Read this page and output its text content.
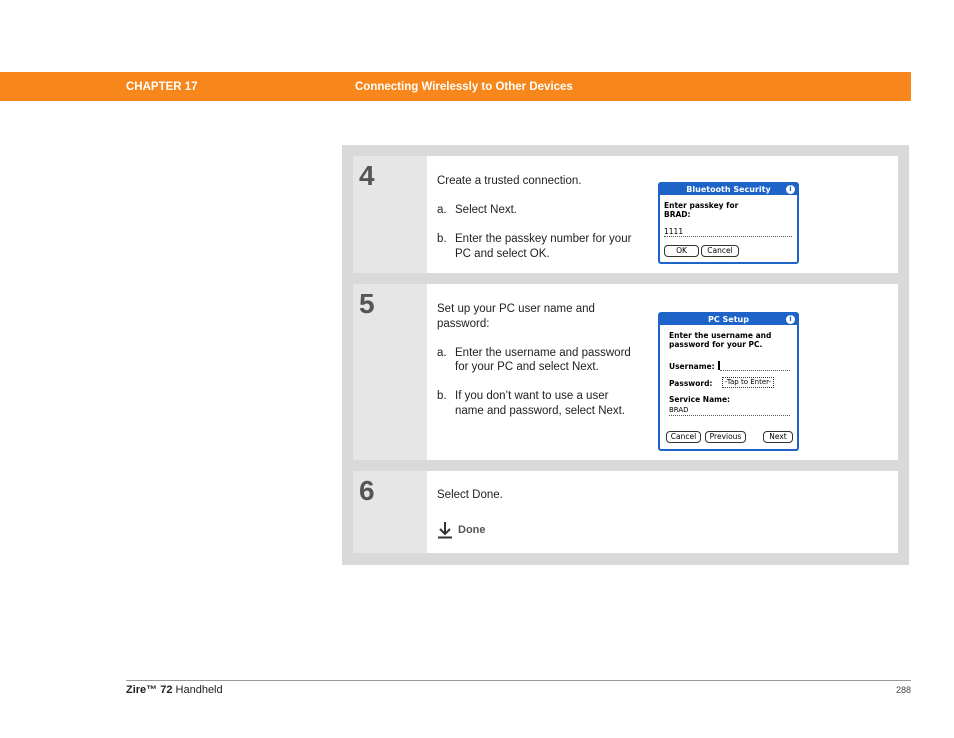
CHAPTER 17	Connecting Wirelessly to Other Devices
4	Create a trusted connection.

a. Select Next.
b. Enter the passkey number for your PC and select OK.
Bluetooth Security	i
Enter passkey for
BRAD:
1111
OK	Cancel
5	Set up your PC user name and password:

a. Enter the username and password for your PC and select Next.
b. If you don’t want to use a user name and password, select Next.
PC Setup	i
Enter the username and
password for your PC.
Username:
Password:	-Tap to Enter-
Service Name:
BRAD
Cancel	Previous	Next
6	Select Done.

Done
Zire™ 72 Handheld	288
